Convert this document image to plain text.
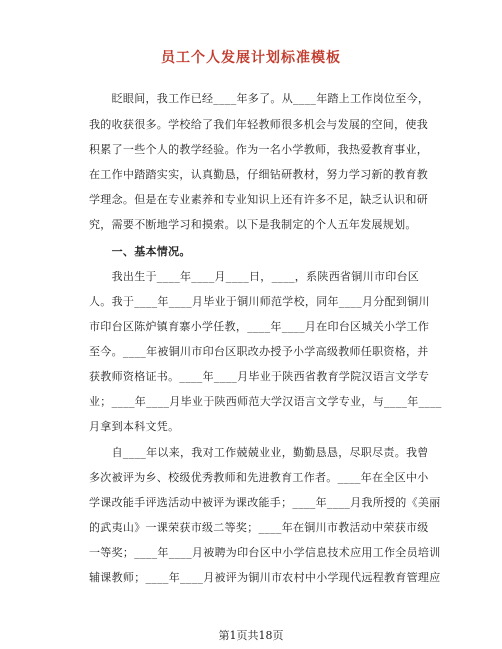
员工个人发展计划标准模板
　　眨眼间，我工作已经____年多了。从____年踏上工作岗位至今，
我的收获很多。学校给了我们年轻教师很多机会与发展的空间，使我
积累了一些个人的教学经验。作为一名小学教师，我热爱教育事业，
在工作中踏踏实实，认真勤恳，仔细钻研教材，努力学习新的教育教
学理念。但是在专业素养和专业知识上还有许多不足，缺乏认识和研
究，需要不断地学习和摸索。以下是我制定的个人五年发展规划。
　　一、基本情况。
　　我出生于____年____月____日，____，系陕西省铜川市印台区
人。我于____年____月毕业于铜川师范学校，同年____月分配到铜川
市印台区陈炉镇育寨小学任教，____年____月在印台区城关小学工作
至今。____年被铜川市印台区职改办授予小学高级教师任职资格，并
获教师资格证书。____年____月毕业于陕西省教育学院汉语言文学专
业；____年____月毕业于陕西师范大学汉语言文学专业，与____年____
月拿到本科文凭。
　　自____年以来，我对工作兢兢业业，勤勤恳恳，尽职尽责。我曾
多次被评为乡、校级优秀教师和先进教育工作者。____年在全区中小
学课改能手评选活动中被评为课改能手；____年____月我所授的《美丽
的武夷山》一课荣获市级二等奖；____年在铜川市教活动中荣获市级
一等奖；____年____月被聘为印台区中小学信息技术应用工作全员培训
辅课教师；____年____月被评为铜川市农村中小学现代远程教育管理应
第1页共18页
